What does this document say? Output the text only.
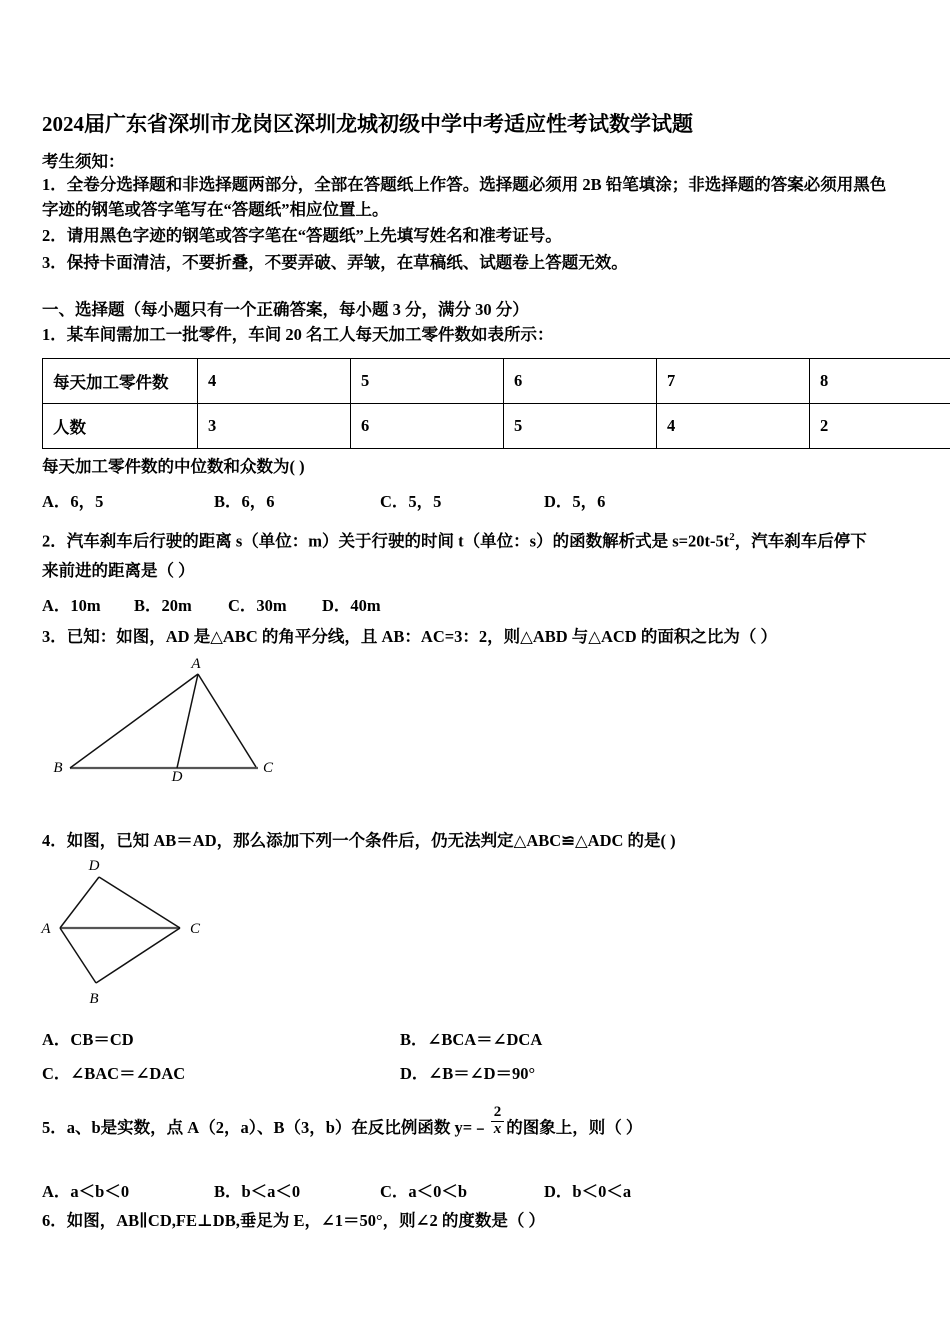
2024届广东省深圳市龙岗区深圳龙城初级中学中考适应性考试数学试题
考生须知：
1．全卷分选择题和非选择题两部分，全部在答题纸上作答。选择题必须用 2B 铅笔填涂；非选择题的答案必须用黑色
字迹的钢笔或答字笔写在“答题纸”相应位置上。
2．请用黑色字迹的钢笔或答字笔在“答题纸”上先填写姓名和准考证号。
3．保持卡面清洁，不要折叠，不要弄破、弄皱，在草稿纸、试题卷上答题无效。
一、选择题（每小题只有一个正确答案，每小题 3 分，满分 30 分）
1．某车间需加工一批零件，车间 20 名工人每天加工零件数如表所示：
每天加工零件数	4	5	6	7	8
人数	3	6	5	4	2
每天加工零件数的中位数和众数为( )
A．6，5	B．6，6	C．5，5	D．5，6
2．汽车刹车后行驶的距离 s（单位：m）关于行驶的时间 t（单位：s）的函数解析式是 $s=20t‑5t^2$，汽车刹车后停下
来前进的距离是（ ）
A．10m B．20m C．30m D．40m
3．已知：如图，AD 是△ABC 的角平分线，且 AB：AC=3：2，则△ABD 与△ACD 的面积之比为（ ）
A
B	C
D
4．如图，已知 AB＝AD，那么添加下列一个条件后，仍无法判定△ABC≌△ADC 的是( )
A
B
C
D
A．CB＝CD	B．∠BCA＝∠DCA
C．∠BAC＝∠DAC	D．∠B＝∠D＝90°
5．a、b是实数，点 A（2，a）、B（3，b）在反比例函数 y=﹣ $\frac{2}{x}$ 的图象上，则（ ）
A．a＜b＜0	B．b＜a＜0	C．a＜0＜b	D．b＜0＜a
6．如图，AB∥CD,FE⊥DB,垂足为 E，∠1＝50°，则∠2 的度数是（ ）
